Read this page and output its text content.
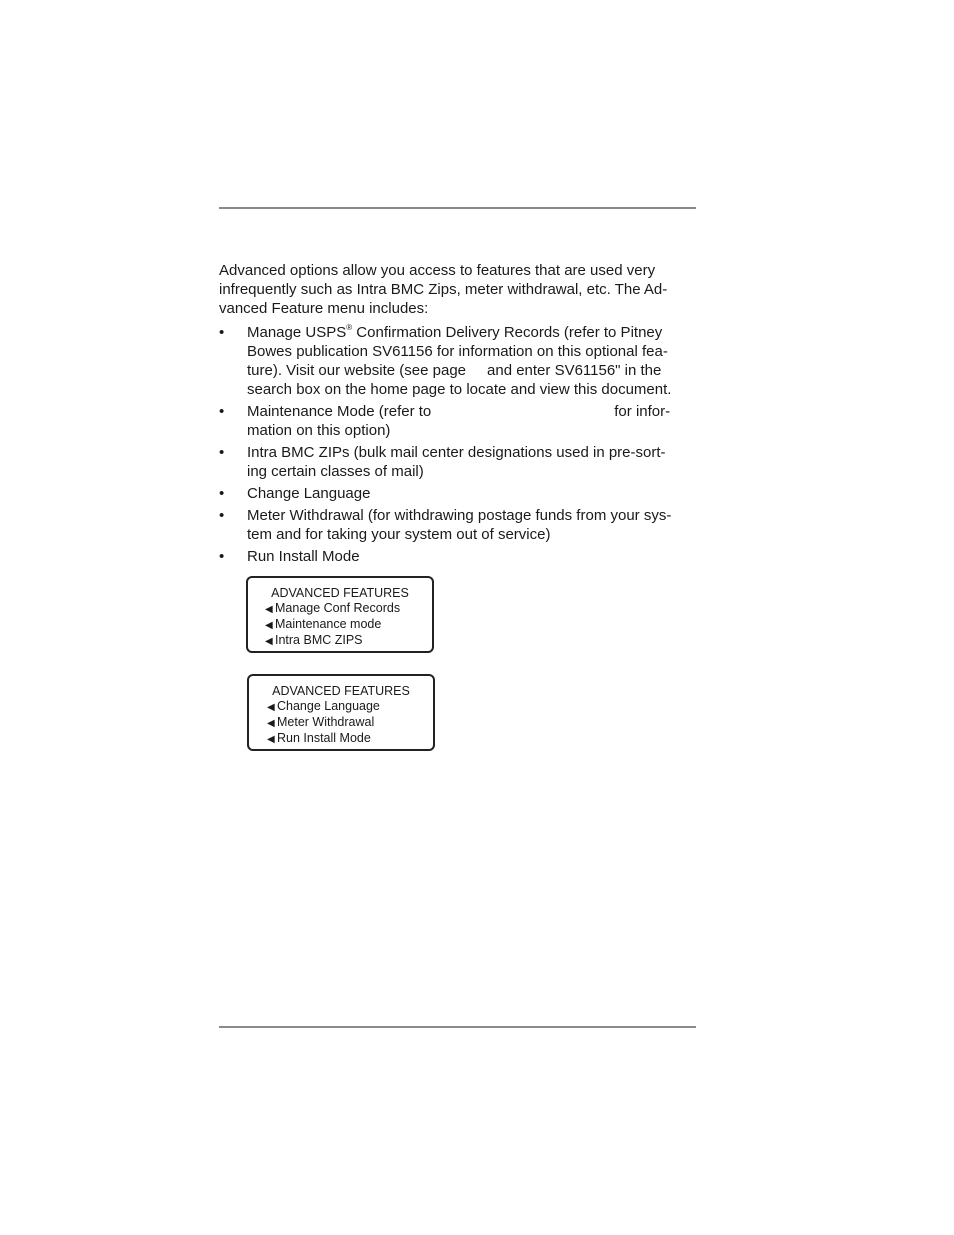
Advanced options allow you access to features that are used very
infrequently such as Intra BMC Zips, meter withdrawal, etc. The Ad-
vanced Feature menu includes:
• Manage USPS® Confirmation Delivery Records (refer to Pitney
Bowes publication SV61156 for information on this optional fea-
ture). Visit our website (see page and enter SV61156" in the
search box on the home page to locate and view this document.
• Maintenance Mode (refer to	for infor-
mation on this option)
• Intra BMC ZIPs (bulk mail center designations used in pre-sort-
ing certain classes of mail)
• Change Language
• Meter Withdrawal (for withdrawing postage funds from your sys-
tem and for taking your system out of service)
• Run Install Mode
ADVANCED FEATURES
◀ Manage Conf Records
◀ Maintenance mode
◀ Intra BMC ZIPS
ADVANCED FEATURES
◀ Change Language
◀ Meter Withdrawal
◀ Run Install Mode
